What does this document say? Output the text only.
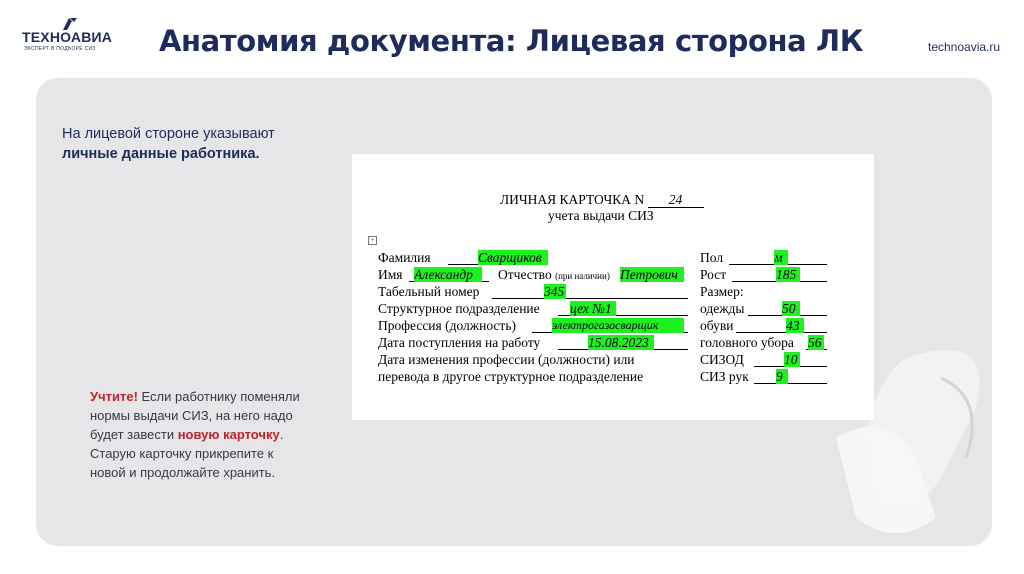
ТЕХНОАВИА
ЭКСПЕРТ В ПОДБОРЕ СИЗ Анатомия документа: Лицевая сторона ЛК	technoavia.ru
На лицевой стороне указывают личные данные работника.
Учтите! Если работнику поменяли нормы выдачи СИЗ, на него надо будет завести новую карточку. Старую карточку прикрепите к новой и продолжайте хранить.
ЛИЧНАЯ КАРТОЧКА N 24
учета выдачи СИЗ
+
Фамилия	Сварщиков
Имя Александр	Отчество (при наличии) Петрович
Табельный номер	345
Структурное подразделение цех №1
Профессия (должность)	электрогазосварщик
Дата поступления на работу	15.08.2023
Дата изменения профессии (должности) или
перевода в другое структурное подразделение
Пол	м
Рост	185
Размер:
одежды	50
обуви	43
головного убора 56
СИЗОД	10
СИЗ рук 9
